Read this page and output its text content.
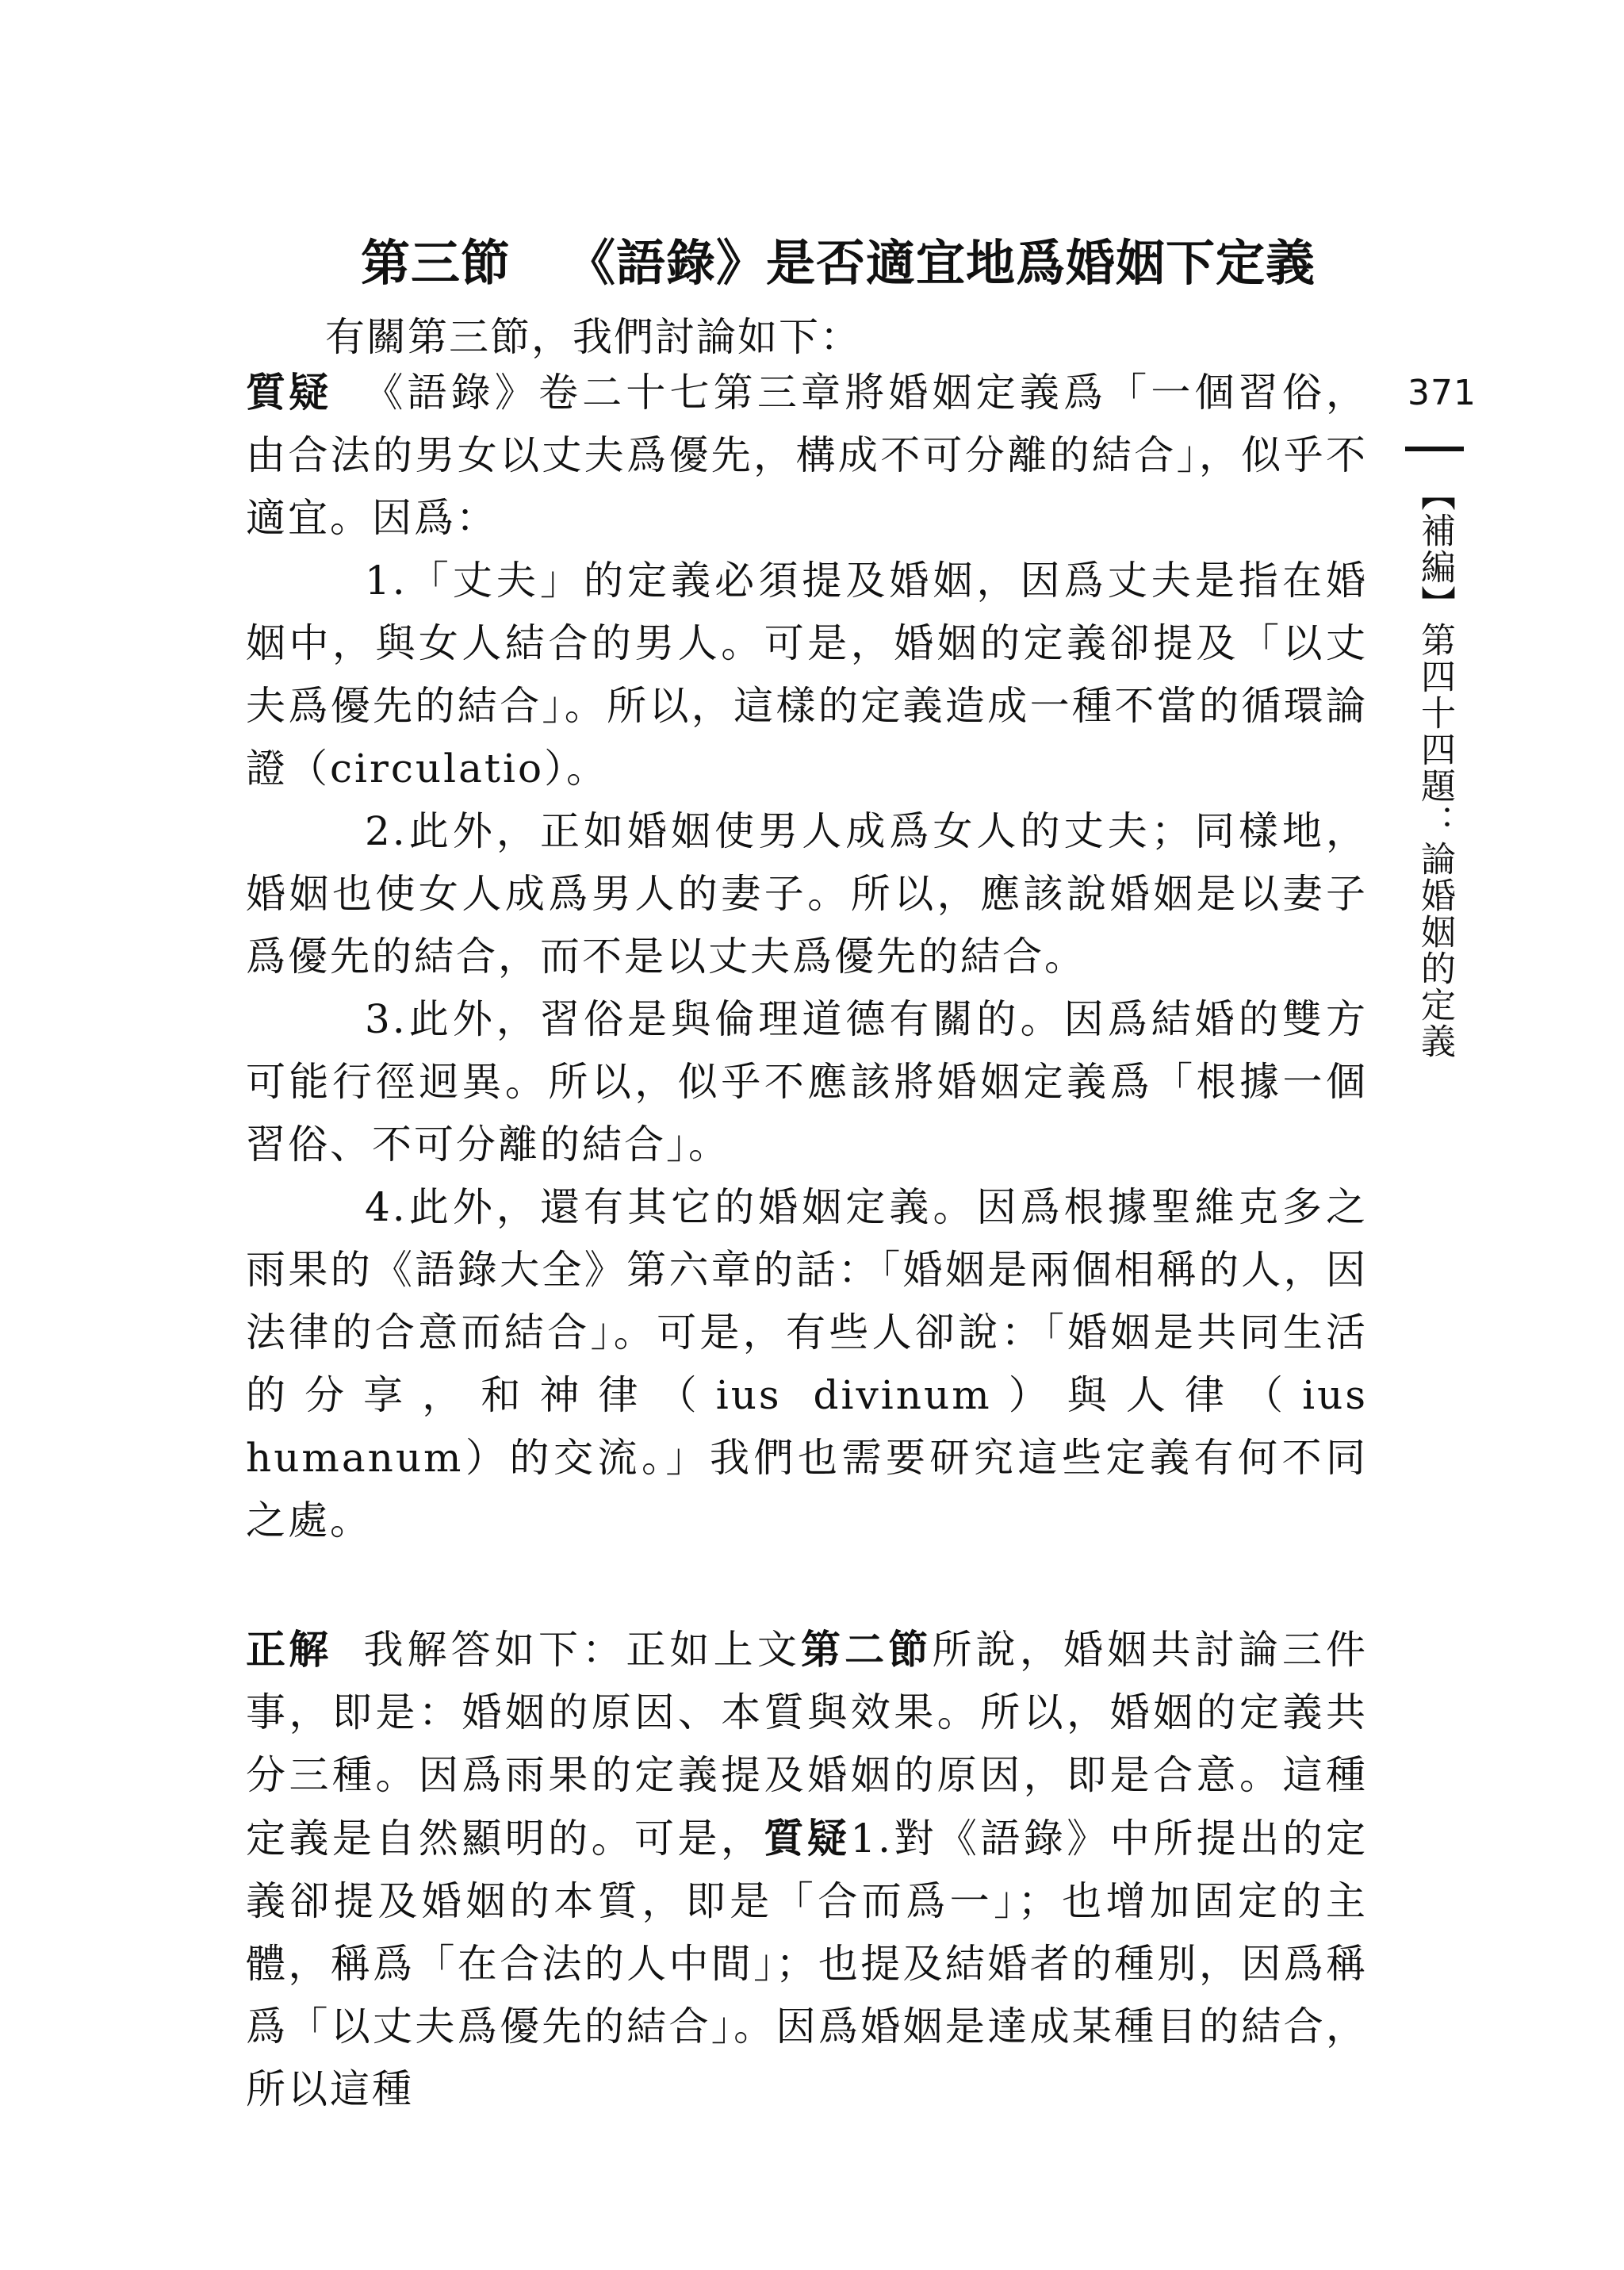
第三節 《語錄》是否適宜地爲婚姻下定義
有關第三節，我們討論如下：

質疑 《語錄》卷二十七第三章將婚姻定義爲「一個習俗，由合法的男女以丈夫爲優先，構成不可分離的結合」，似乎不適宜。因爲：

1.「丈夫」的定義必須提及婚姻，因爲丈夫是指在婚姻中，與女人結合的男人。可是，婚姻的定義卻提及「以丈夫爲優先的結合」。所以，這樣的定義造成一種不當的循環論證（circulatio）。

2.此外，正如婚姻使男人成爲女人的丈夫；同樣地，婚姻也使女人成爲男人的妻子。所以，應該說婚姻是以妻子爲優先的結合，而不是以丈夫爲優先的結合。

3.此外，習俗是與倫理道德有關的。因爲結婚的雙方可能行徑迥異。所以，似乎不應該將婚姻定義爲「根據一個習俗、不可分離的結合」。

4.此外，還有其它的婚姻定義。因爲根據聖維克多之雨果的《語錄大全》第六章的話：「婚姻是兩個相稱的人，因法律的合意而結合」。可是，有些人卻說：「婚姻是共同生活的分享，和神律（ius divinum）與人律（ius humanum）的交流。」我們也需要研究這些定義有何不同之處。

正解 我解答如下：正如上文第二節所說，婚姻共討論三件事，即是：婚姻的原因、本質與效果。所以，婚姻的定義共分三種。因爲雨果的定義提及婚姻的原因，即是合意。這種定義是自然顯明的。可是，質疑1.對《語錄》中所提出的定義卻提及婚姻的本質，即是「合而爲一」；也增加固定的主體，稱爲「在合法的人中間」；也提及結婚者的種別，因爲稱爲「以丈夫爲優先的結合」。因爲婚姻是達成某種目的結合，所以這種

371
【補編】第四十四題：論婚姻的定義
